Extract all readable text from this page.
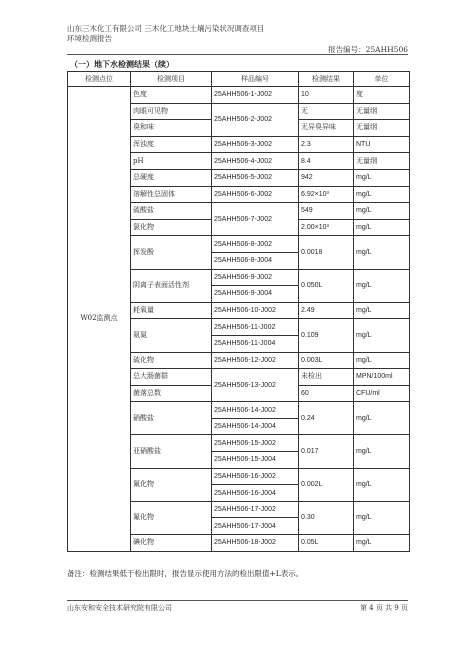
山东三木化工有限公司 三木化工地块土壤污染状况调查项目
环境检测报告
报告编号：25AHH506
（一）地下水检测结果（续）
检测点位	检测项目	样品编号	检测结果	单位
W02监测点	色度	25AHH506-1-J002	10	度
	肉眼可见物	25AHH506-2-J002	无	无量纲
	臭和味		无异臭异味	无量纲
	浑浊度	25AHH506-3-J002	2.3	NTU
	pH	25AHH506-4-J002	8.4	无量纲
	总硬度	25AHH506-5-J002	942	mg/L
	溶解性总固体	25AHH506-6-J002	6.92×10³	mg/L
	硫酸盐	25AHH506-7-J002	549	mg/L
	氯化物		2.00×10³	mg/L
	挥发酚	25AHH506-8-J002	0.0018	mg/L
		25AHH506-8-J004		
	阴离子表面活性剂	25AHH506-9-J002	0.050L	mg/L
		25AHH506-9-J004		
	耗氧量	25AHH506-10-J002	2.49	mg/L
	氨氮	25AHH506-11-J002	0.109	mg/L
		25AHH506-11-J004		
	硫化物	25AHH506-12-J002	0.003L	mg/L
	总大肠菌群	25AHH506-13-J002	未检出	MPN/100ml
	菌落总数		60	CFU/ml
	硝酸盐	25AHH506-14-J002	0.24	mg/L
		25AHH506-14-J004		
	亚硝酸盐	25AHH506-15-J002	0.017	mg/L
		25AHH506-15-J004		
	氰化物	25AHH506-16-J002	0.002L	mg/L
		25AHH506-16-J004		
	氟化物	25AHH506-17-J002	0.30	mg/L
		25AHH506-17-J004		
	碘化物	25AHH506-18-J002	0.05L	mg/L
备注：检测结果低于检出限时，报告显示使用方法的检出限值+L表示。
山东安和安全技术研究院有限公司	第 4 页 共 9 页
